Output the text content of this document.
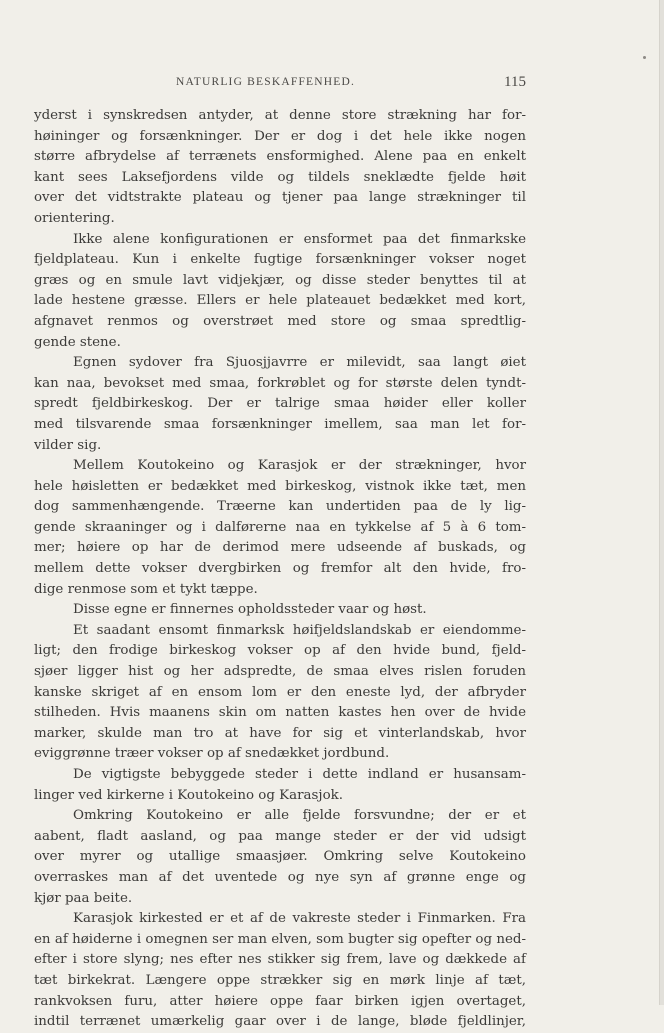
NATURLIG BESKAFFENHED.	115
yderst i synskredsen antyder, at denne store strækning har for-
høininger og forsænkninger. Der er dog i det hele ikke nogen
større afbrydelse af terrænets ensformighed. Alene paa en enkelt
kant sees Laksefjordens vilde og tildels sneklædte fjelde høit
over det vidtstrakte plateau og tjener paa lange strækninger til
orientering.
Ikke alene konfigurationen er ensformet paa det finmarkske
fjeldplateau. Kun i enkelte fugtige forsænkninger vokser noget
græs og en smule lavt vidjekjær, og disse steder benyttes til at
lade hestene græsse. Ellers er hele plateauet bedækket med kort,
afgnavet renmos og overstrøet med store og smaa spredtlig-
gende stene.
Egnen sydover fra Sjuosjjavrre er milevidt, saa langt øiet
kan naa, bevokset med smaa, forkrøblet og for største delen tyndt-
spredt fjeldbirkeskog. Der er talrige smaa høider eller koller
med tilsvarende smaa forsænkninger imellem, saa man let for-
vilder sig.
Mellem Koutokeino og Karasjok er der strækninger, hvor
hele høisletten er bedækket med birkeskog, vistnok ikke tæt, men
dog sammenhængende. Træerne kan undertiden paa de ly lig-
gende skraaninger og i dalførerne naa en tykkelse af 5 à 6 tom-
mer; høiere op har de derimod mere udseende af buskads, og
mellem dette vokser dvergbirken og fremfor alt den hvide, fro-
dige renmose som et tykt tæppe.
Disse egne er finnernes opholdssteder vaar og høst.
Et saadant ensomt finmarksk høifjeldslandskab er eiendomme-
ligt; den frodige birkeskog vokser op af den hvide bund, fjeld-
sjøer ligger hist og her adspredte, de smaa elves rislen foruden
kanske skriget af en ensom lom er den eneste lyd, der afbryder
stilheden. Hvis maanens skin om natten kastes hen over de hvide
marker, skulde man tro at have for sig et vinterlandskab, hvor
eviggrønne træer vokser op af snedækket jordbund.
De vigtigste bebyggede steder i dette indland er husansam-
linger ved kirkerne i Koutokeino og Karasjok.
Omkring Koutokeino er alle fjelde forsvundne; der er et
aabent, fladt aasland, og paa mange steder er der vid udsigt
over myrer og utallige smaasjøer. Omkring selve Koutokeino
overraskes man af det uventede og nye syn af grønne enge og
kjør paa beite.
Karasjok kirkested er et af de vakreste steder i Finmarken. Fra
en af høiderne i omegnen ser man elven, som bugter sig opefter og ned-
efter i store slyng; nes efter nes stikker sig frem, lave og dækkede af
tæt birkekrat. Længere oppe strækker sig en mørk linje af tæt,
rankvoksen furu, atter høiere oppe faar birken igjen overtaget,
indtil terrænet umærkelig gaar over i de lange, bløde fjeldlinjer,
